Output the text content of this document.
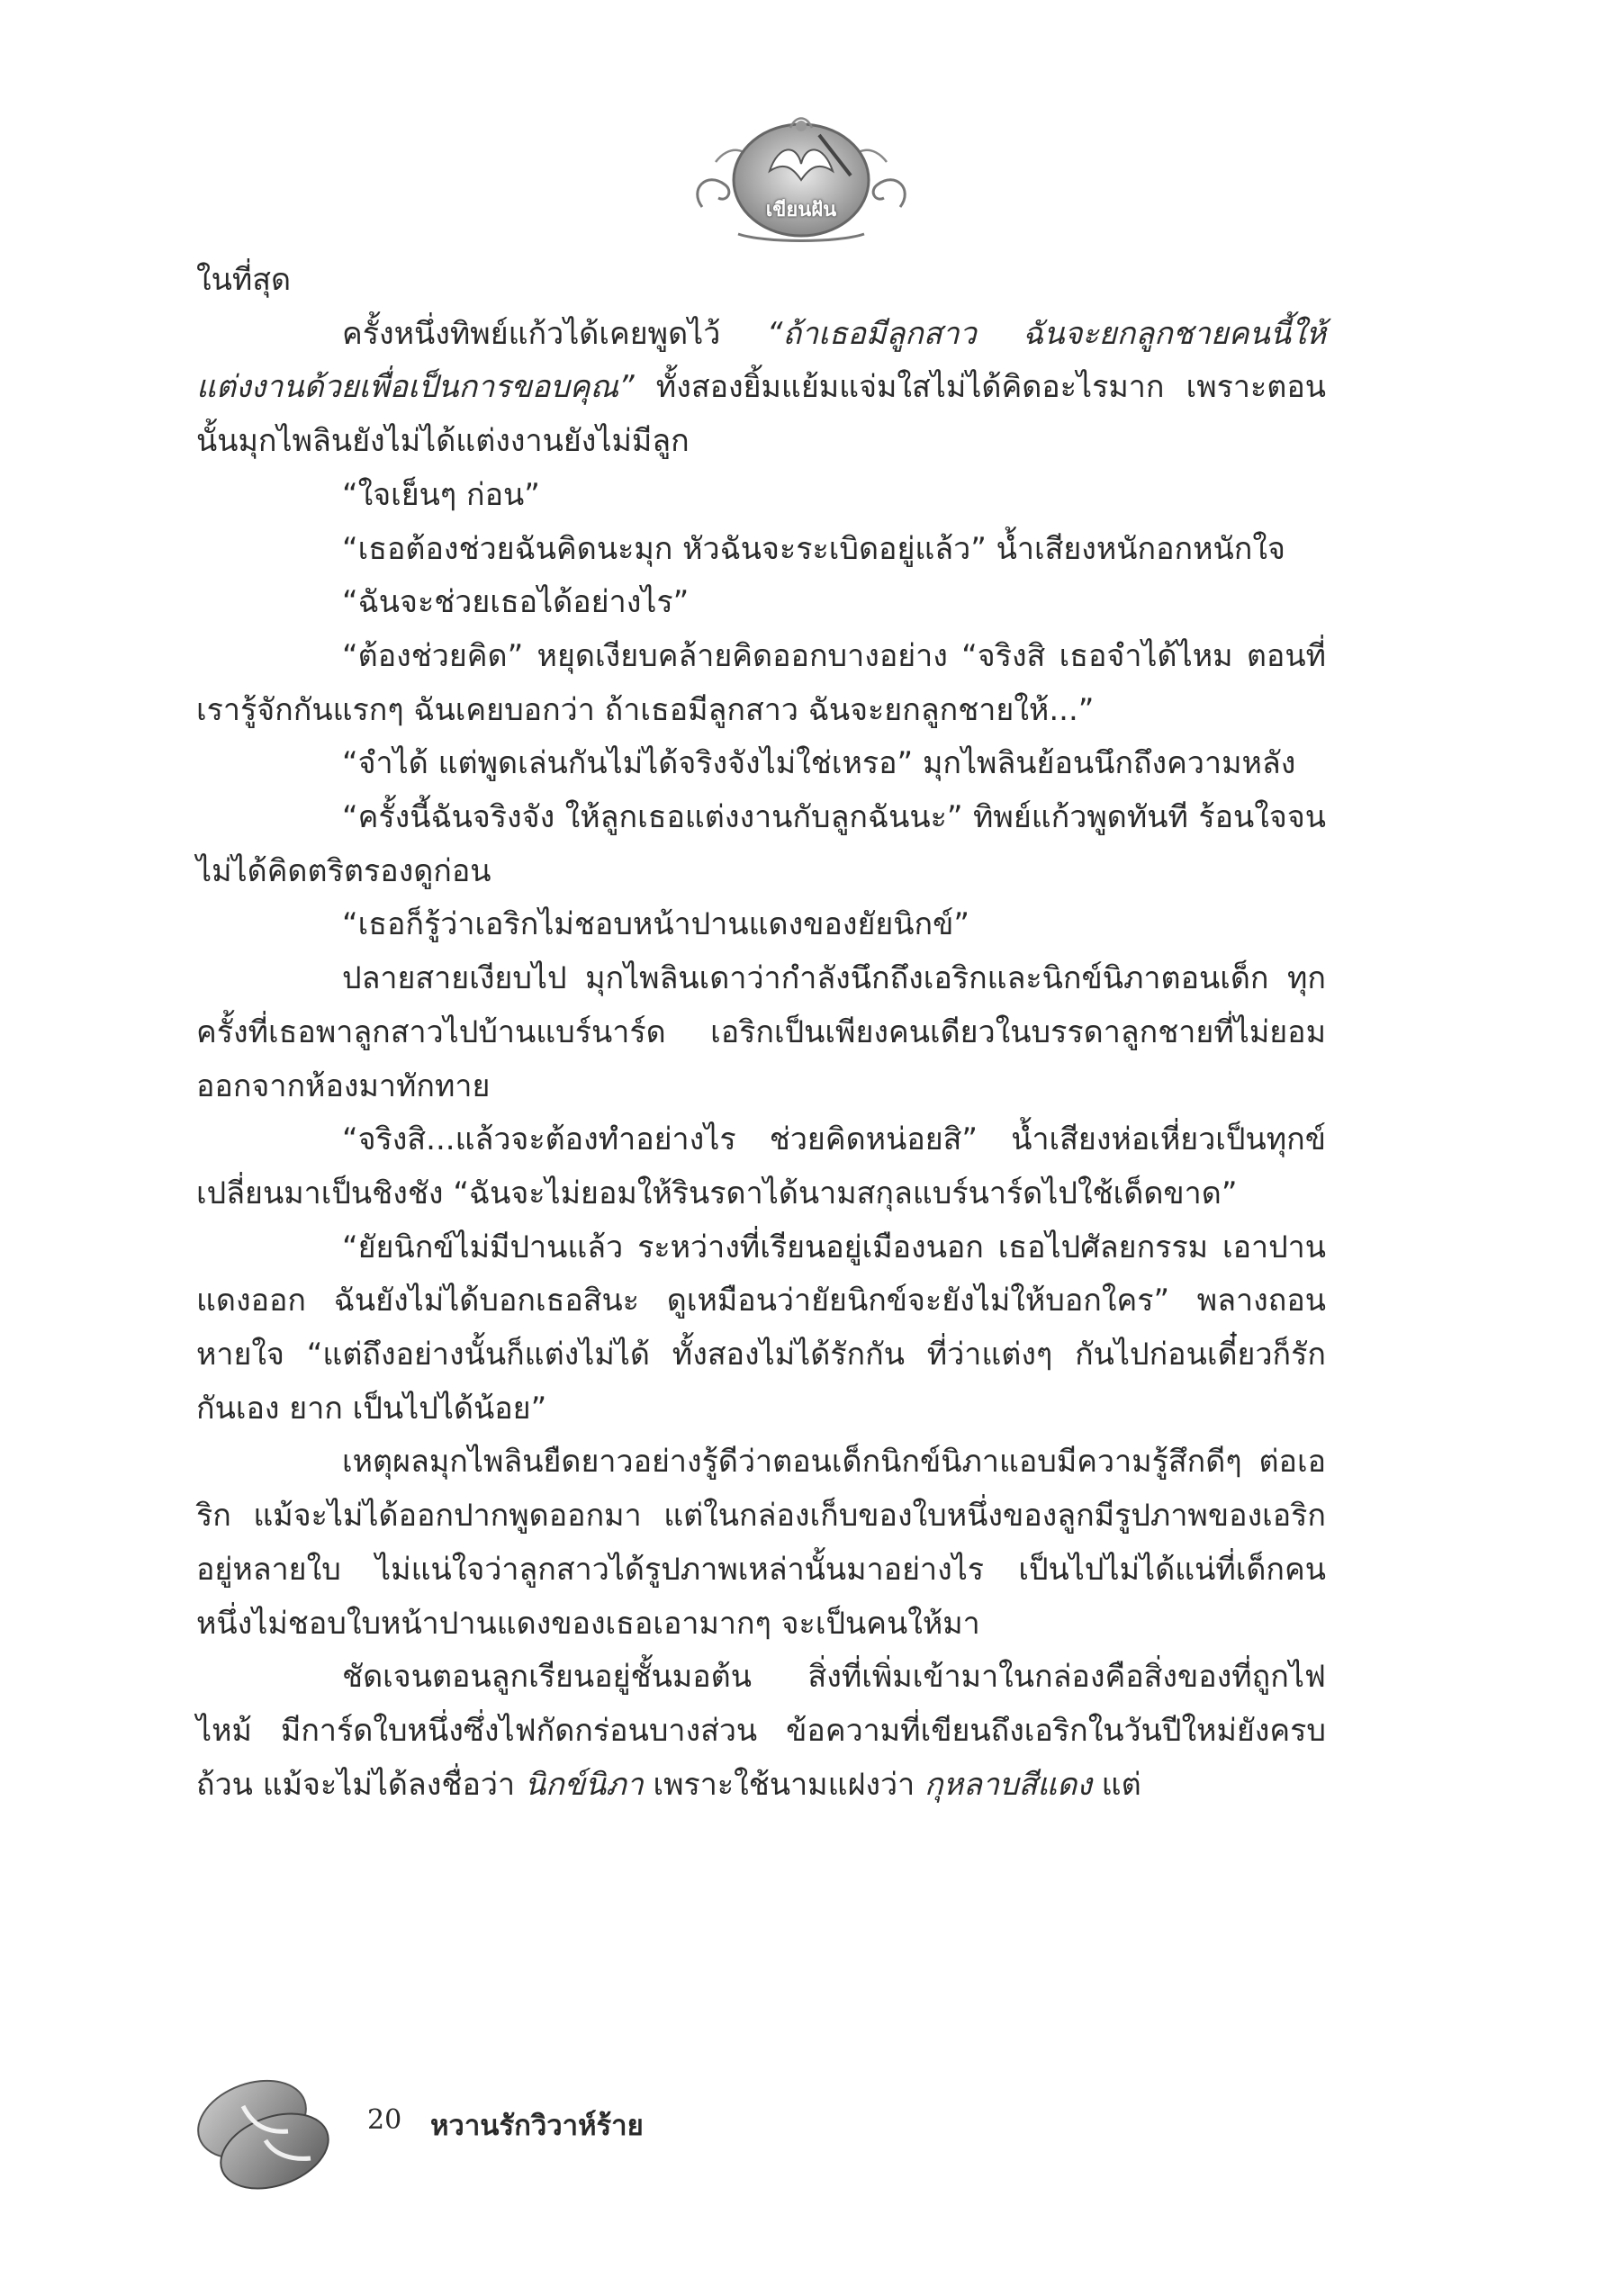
เขียนฝัน

ในที่สุด

ครั้งหนึ่งทิพย์แก้วได้เคยพูดไว้ “ถ้าเธอมีลูกสาว ฉันจะยกลูกชายคนนี้ให้แต่งงานด้วยเพื่อเป็นการขอบคุณ” ทั้งสองยิ้มแย้มแจ่มใสไม่ได้คิดอะไรมาก เพราะตอนนั้นมุกไพลินยังไม่ได้แต่งงานยังไม่มีลูก

“ใจเย็นๆ ก่อน”

“เธอต้องช่วยฉันคิดนะมุก หัวฉันจะระเบิดอยู่แล้ว” น้ำเสียงหนักอกหนักใจ

“ฉันจะช่วยเธอได้อย่างไร”

“ต้องช่วยคิด” หยุดเงียบคล้ายคิดออกบางอย่าง “จริงสิ เธอจำได้ไหม ตอนที่เรารู้จักกันแรกๆ ฉันเคยบอกว่า ถ้าเธอมีลูกสาว ฉันจะยกลูกชายให้...”

“จำได้ แต่พูดเล่นกันไม่ได้จริงจังไม่ใช่เหรอ” มุกไพลินย้อนนึกถึงความหลัง

“ครั้งนี้ฉันจริงจัง ให้ลูกเธอแต่งงานกับลูกฉันนะ” ทิพย์แก้วพูดทันที ร้อนใจจนไม่ได้คิดตริตรองดูก่อน

“เธอก็รู้ว่าเอริกไม่ชอบหน้าปานแดงของยัยนิกข์”

ปลายสายเงียบไป มุกไพลินเดาว่ากำลังนึกถึงเอริกและนิกข์นิภาตอนเด็ก ทุกครั้งที่เธอพาลูกสาวไปบ้านแบร์นาร์ด เอริกเป็นเพียงคนเดียวในบรรดาลูกชายที่ไม่ยอมออกจากห้องมาทักทาย

“จริงสิ...แล้วจะต้องทำอย่างไร ช่วยคิดหน่อยสิ” น้ำเสียงห่อเหี่ยวเป็นทุกข์ เปลี่ยนมาเป็นชิงชัง “ฉันจะไม่ยอมให้รินรดาได้นามสกุลแบร์นาร์ดไปใช้เด็ดขาด”

“ยัยนิกข์ไม่มีปานแล้ว ระหว่างที่เรียนอยู่เมืองนอก เธอไปศัลยกรรม เอาปานแดงออก ฉันยังไม่ได้บอกเธอสินะ ดูเหมือนว่ายัยนิกข์จะยังไม่ให้บอกใคร” พลางถอนหายใจ “แต่ถึงอย่างนั้นก็แต่งไม่ได้ ทั้งสองไม่ได้รักกัน ที่ว่าแต่งๆ กันไปก่อนเดี๋ยวก็รักกันเอง ยาก เป็นไปได้น้อย”

เหตุผลมุกไพลินยืดยาวอย่างรู้ดีว่าตอนเด็กนิกข์นิภาแอบมีความรู้สึกดีๆ ต่อเอริก แม้จะไม่ได้ออกปากพูดออกมา แต่ในกล่องเก็บของใบหนึ่งของลูกมีรูปภาพของเอริกอยู่หลายใบ ไม่แน่ใจว่าลูกสาวได้รูปภาพเหล่านั้นมาอย่างไร เป็นไปไม่ได้แน่ที่เด็กคนหนึ่งไม่ชอบใบหน้าปานแดงของเธอเอามากๆ จะเป็นคนให้มา

ชัดเจนตอนลูกเรียนอยู่ชั้นมอต้น สิ่งที่เพิ่มเข้ามาในกล่องคือสิ่งของที่ถูกไฟไหม้ มีการ์ดใบหนึ่งซึ่งไฟกัดกร่อนบางส่วน ข้อความที่เขียนถึงเอริกในวันปีใหม่ยังครบถ้วน แม้จะไม่ได้ลงชื่อว่า นิกข์นิภา เพราะใช้นามแฝงว่า กุหลาบสีแดง แต่

20 หวานรักวิวาห์ร้าย
